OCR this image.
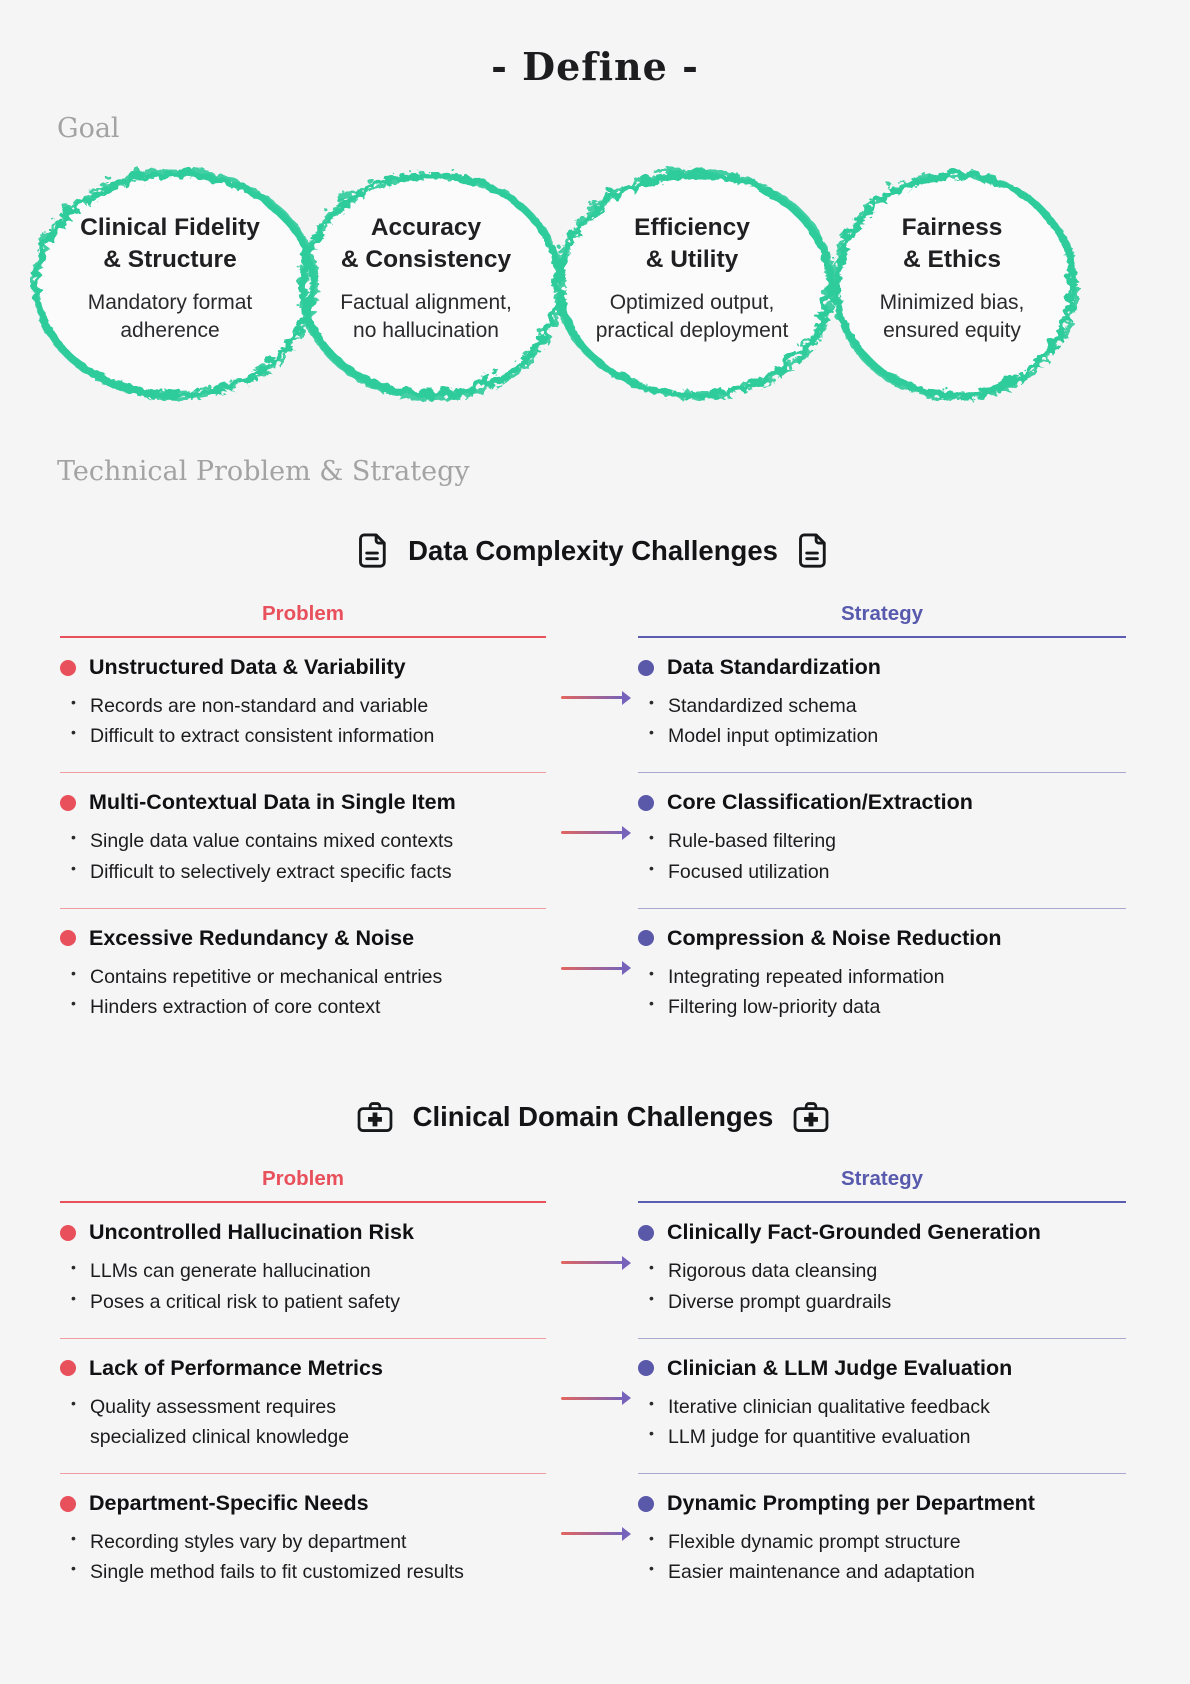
- Define -
Goal
Clinical Fidelity
& Structure
Mandatory format
adherence
Accuracy
& Consistency
Factual alignment,
no hallucination
Efficiency
& Utility
Optimized output,
practical deployment
Fairness
& Ethics
Minimized bias,
ensured equity
Technical Problem & Strategy
Data Complexity Challenges
Problem	Strategy
Unstructured Data & Variability
• Records are non-standard and variable
• Difficult to extract consistent information
Data Standardization
• Standardized schema
• Model input optimization
Multi-Contextual Data in Single Item
• Single data value contains mixed contexts
• Difficult to selectively extract specific facts
Core Classification/Extraction
• Rule-based filtering
• Focused utilization
Excessive Redundancy & Noise
• Contains repetitive or mechanical entries
• Hinders extraction of core context
Compression & Noise Reduction
• Integrating repeated information
• Filtering low-priority data
Clinical Domain Challenges
Problem	Strategy
Uncontrolled Hallucination Risk
• LLMs can generate hallucination
• Poses a critical risk to patient safety
Clinically Fact-Grounded Generation
• Rigorous data cleansing
• Diverse prompt guardrails
Lack of Performance Metrics
• Quality assessment requires specialized clinical knowledge
Clinician & LLM Judge Evaluation
• Iterative clinician qualitative feedback
• LLM judge for quantitive evaluation
Department-Specific Needs
• Recording styles vary by department
• Single method fails to fit customized results
Dynamic Prompting per Department
• Flexible dynamic prompt structure
• Easier maintenance and adaptation
